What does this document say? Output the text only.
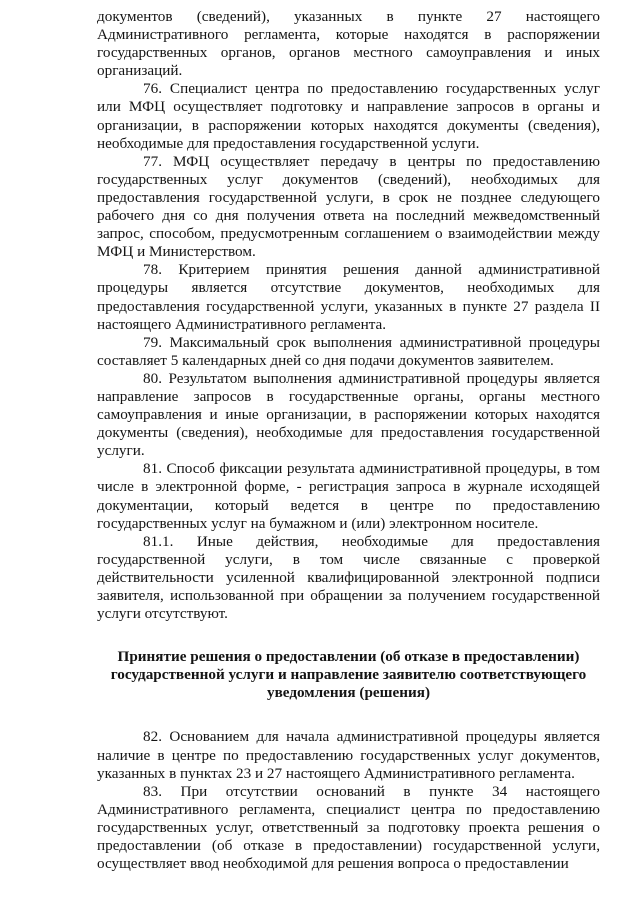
документов (сведений), указанных в пункте 27 настоящего Административного регламента, которые находятся в распоряжении государственных органов, органов местного самоуправления и иных организаций.

76. Специалист центра по предоставлению государственных услуг или МФЦ осуществляет подготовку и направление запросов в органы и организации, в распоряжении которых находятся документы (сведения), необходимые для предоставления государственной услуги.

77. МФЦ осуществляет передачу в центры по предоставлению государственных услуг документов (сведений), необходимых для предоставления государственной услуги, в срок не позднее следующего рабочего дня со дня получения ответа на последний межведомственный запрос, способом, предусмотренным соглашением о взаимодействии между МФЦ и Министерством.

78. Критерием принятия решения данной административной процедуры является отсутствие документов, необходимых для предоставления государственной услуги, указанных в пункте 27 раздела II настоящего Административного регламента.

79. Максимальный срок выполнения административной процедуры составляет 5 календарных дней со дня подачи документов заявителем.

80. Результатом выполнения административной процедуры является направление запросов в государственные органы, органы местного самоуправления и иные организации, в распоряжении которых находятся документы (сведения), необходимые для предоставления государственной услуги.

81. Способ фиксации результата административной процедуры, в том числе в электронной форме, - регистрация запроса в журнале исходящей документации, который ведется в центре по предоставлению государственных услуг на бумажном и (или) электронном носителе.

81.1. Иные действия, необходимые для предоставления государственной услуги, в том числе связанные с проверкой действительности усиленной квалифицированной электронной подписи заявителя, использованной при обращении за получением государственной услуги отсутствуют.

Принятие решения о предоставлении (об отказе в предоставлении)
государственной услуги и направление заявителю соответствующего
уведомления (решения)

82. Основанием для начала административной процедуры является наличие в центре по предоставлению государственных услуг документов, указанных в пунктах 23 и 27 настоящего Административного регламента.

83. При отсутствии оснований в пункте 34 настоящего Административного регламента, специалист центра по предоставлению государственных услуг, ответственный за подготовку проекта решения о предоставлении (об отказе в предоставлении) государственной услуги, осуществляет ввод необходимой для решения вопроса о предоставлении
